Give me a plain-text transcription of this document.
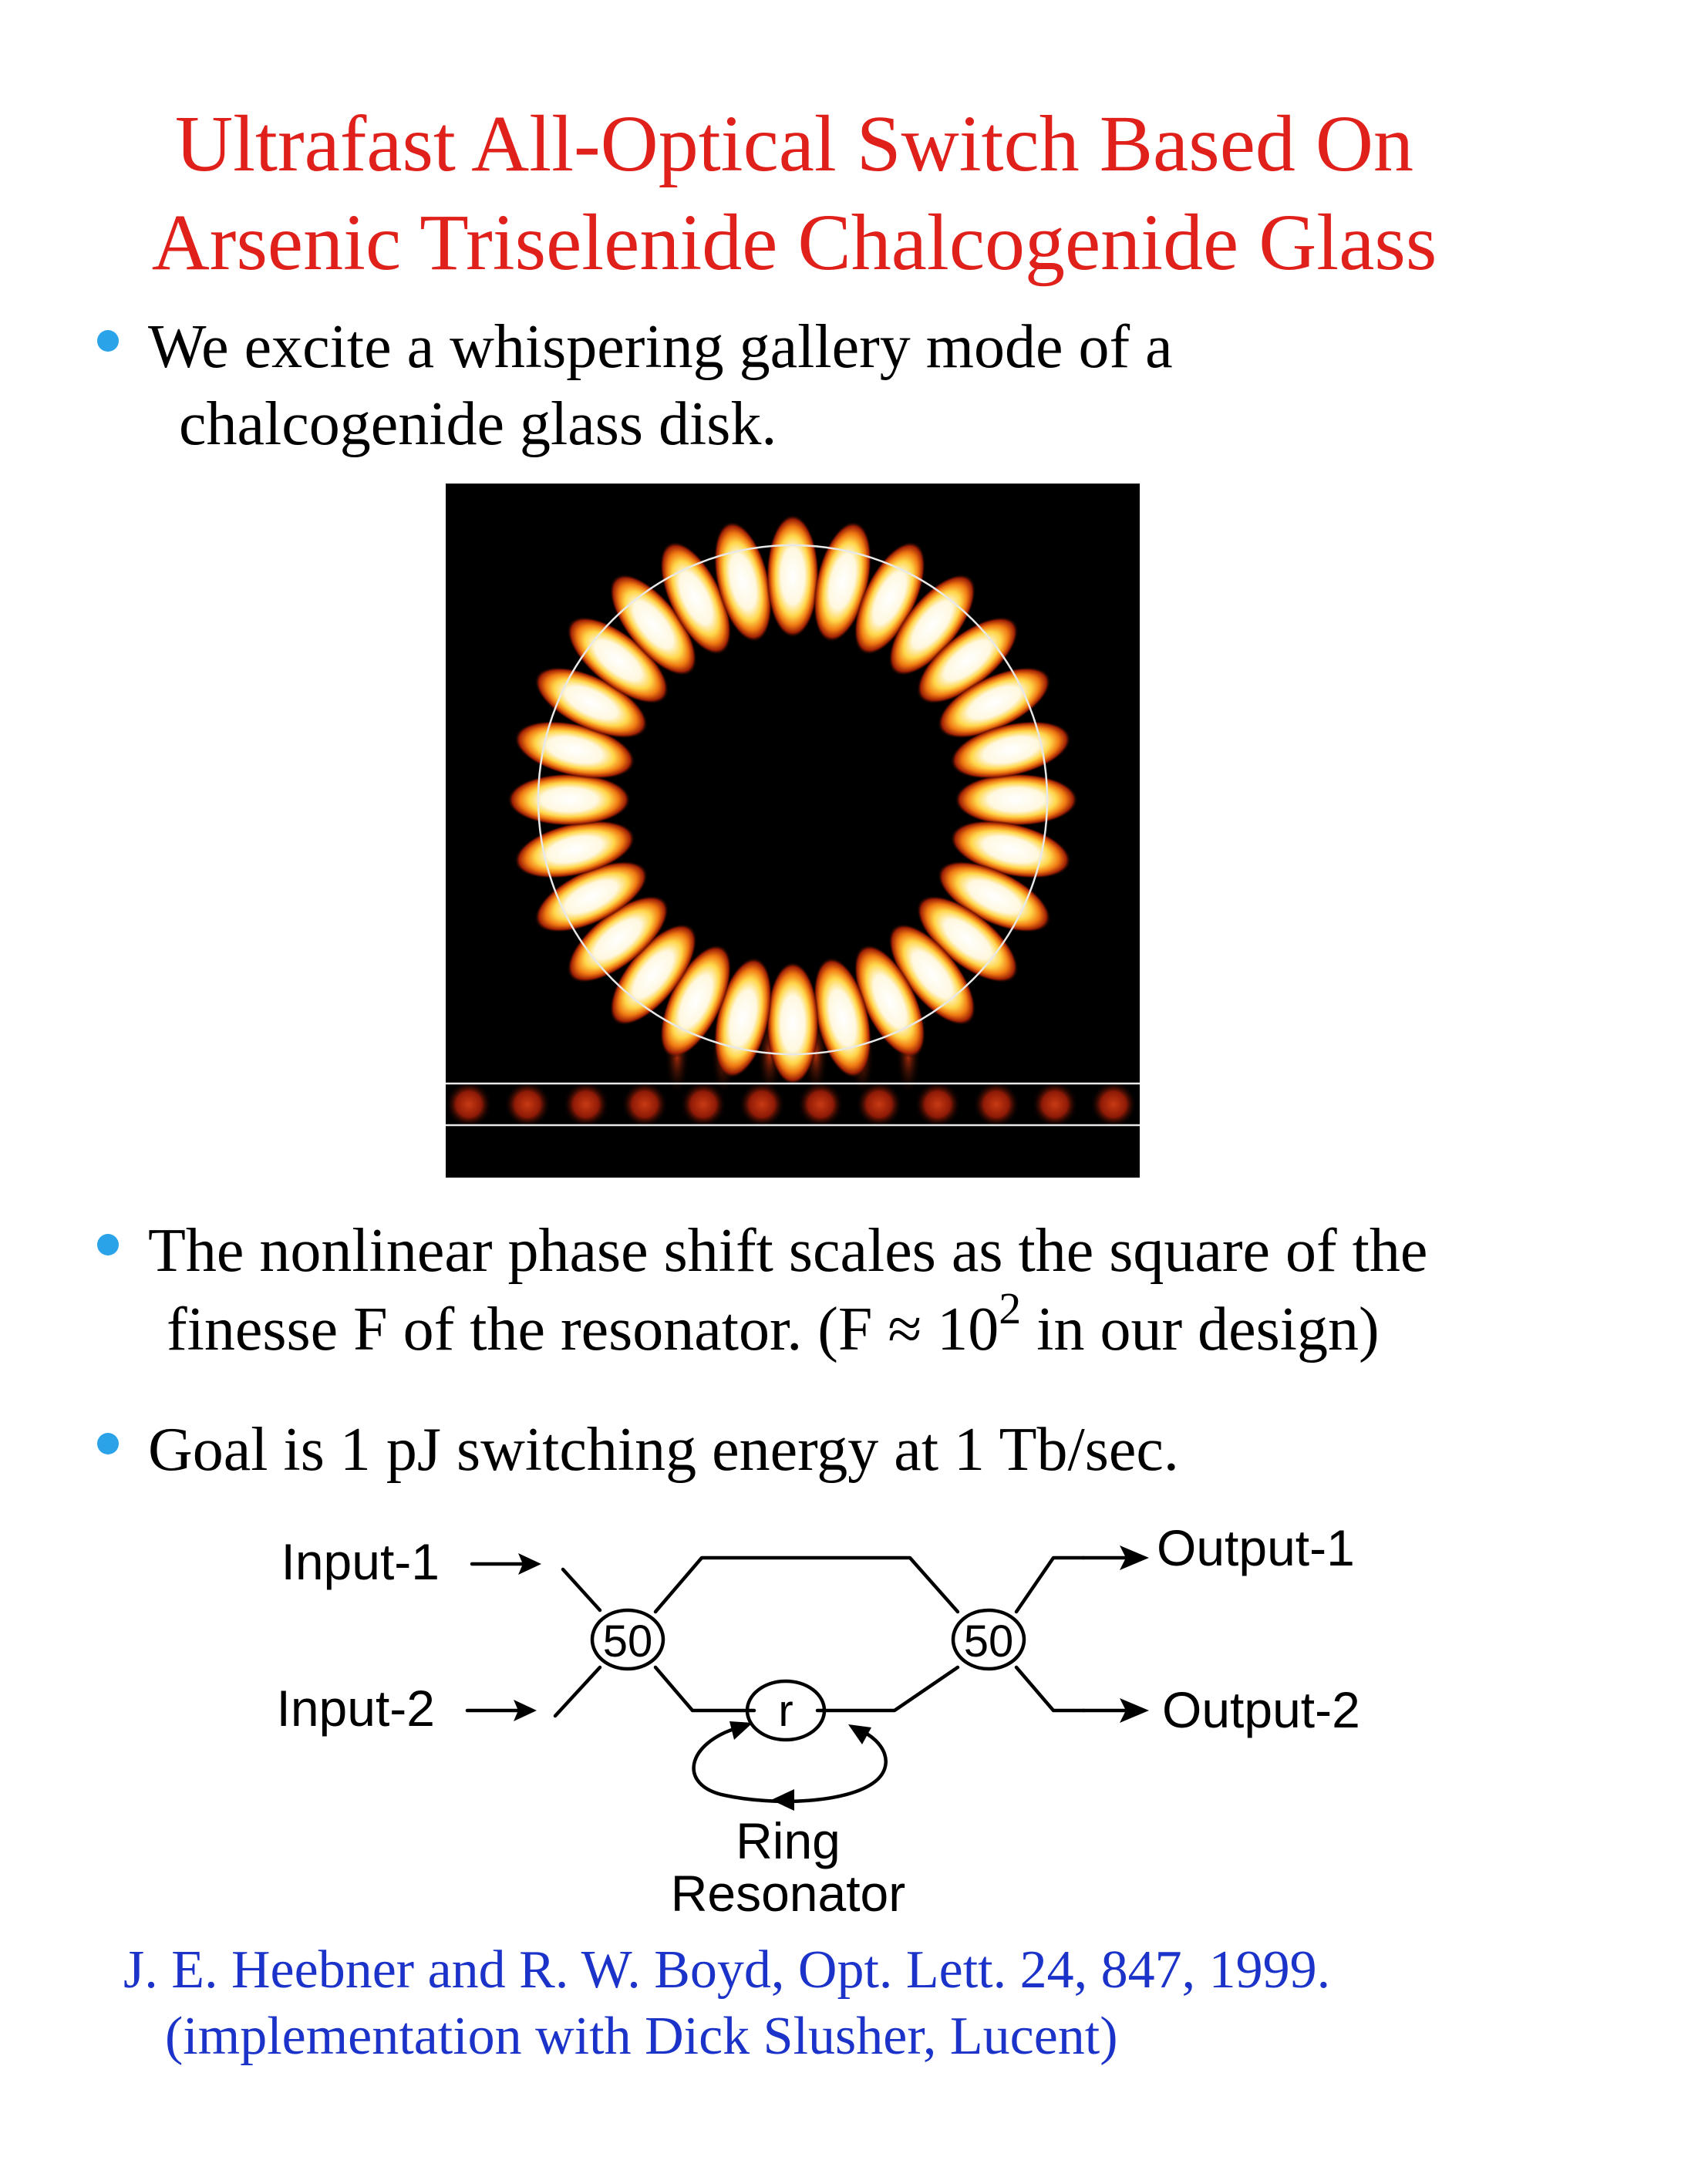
Ultrafast All-Optical Switch Based On
Arsenic Triselenide Chalcogenide Glass
We excite a whispering gallery mode of a
chalcogenide glass disk.
The nonlinear phase shift scales as the square of the
finesse F of the resonator. ($F \approx 10^2$ in our design)
Goal is 1 pJ switching energy at 1 Tb/sec.
Input-1
Input-2
Output-1
Output-2
50	50
r
Ring
Resonator
J. E. Heebner and R. W. Boyd, Opt. Lett. 24, 847, 1999.
(implementation with Dick Slusher, Lucent)
